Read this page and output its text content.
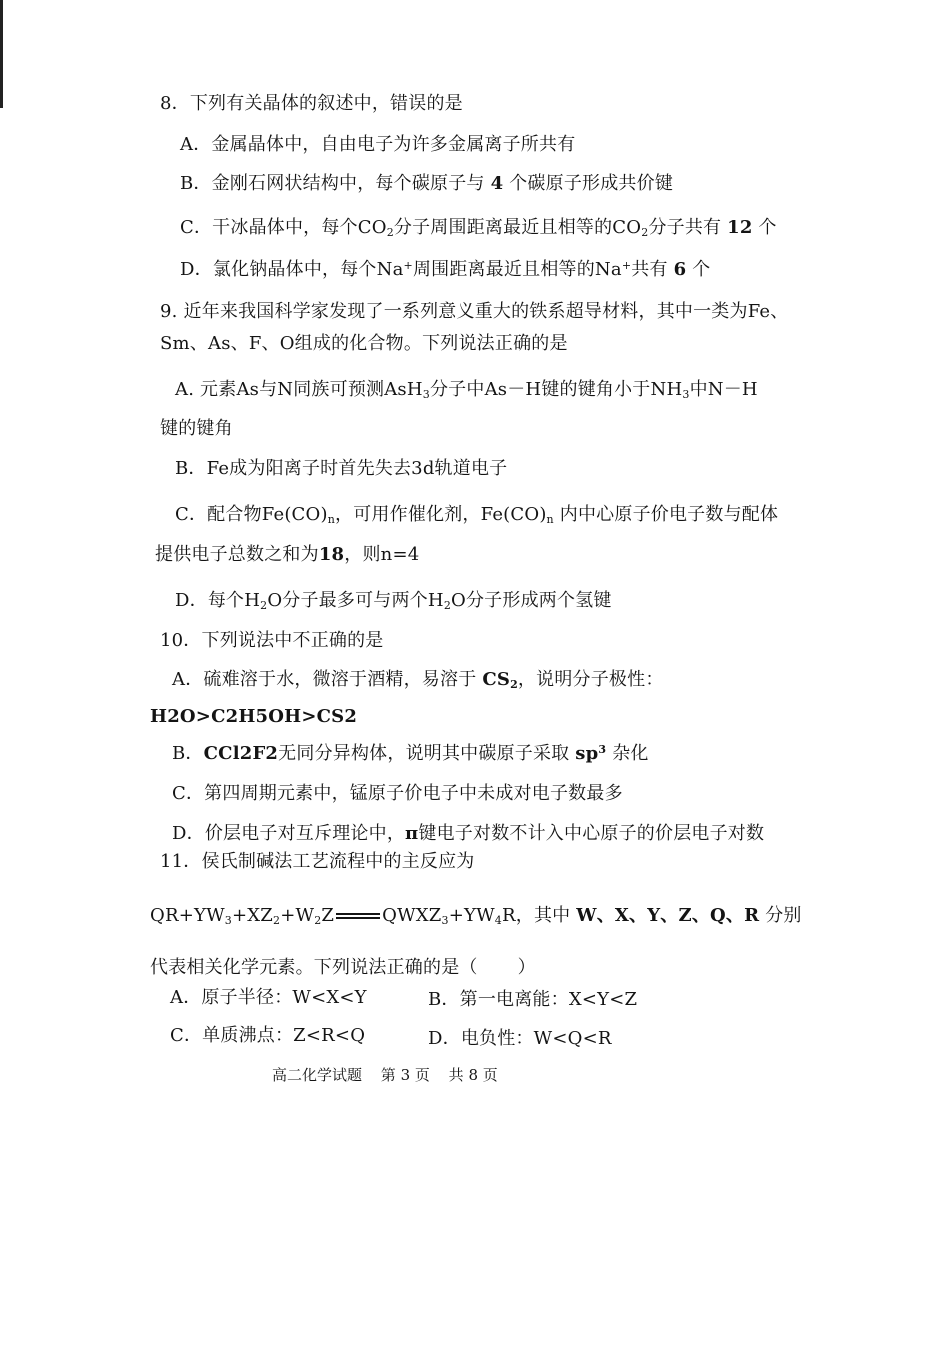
8．下列有关晶体的叙述中，错误的是
A．金属晶体中，自由电子为许多金属离子所共有
B．金刚石网状结构中，每个碳原子与 4 个碳原子形成共价键
C．干冰晶体中，每个$CO_2$分子周围距离最近且相等的$CO_2$分子共有 12 个
D．氯化钠晶体中，每个Na+周围距离最近且相等的Na+共有 6 个
9. 近年来我国科学家发现了一系列意义重大的铁系超导材料，其中一类为Fe、
Sm、As、F、O组成的化合物。下列说法正确的是
A. 元素As与N同族可预测AsH$_3$分子中As－H键的键角小于$NH_3$中N－H
键的键角
B．Fe成为阳离子时首先失去3d轨道电子
C．配合物$Fe(CO)_n$，可用作催化剂，$Fe(CO)_n$ 内中心原子价电子数与配体
提供电子总数之和为18，则n=4
D．每个$H_2O$分子最多可与两个$H_2O$分子形成两个氢键
10．下列说法中不正确的是
A．硫难溶于水，微溶于酒精，易溶于 $CS_2$，说明分子极性：
H2O>C2H5OH>CS2
B．CCl2F2无同分异构体，说明其中碳原子采取 $sp^3$ 杂化
C．第四周期元素中，锰原子价电子中未成对电子数最多
D．价层电子对互斥理论中，π键电子对数不计入中心原子的价层电子对数
11．侯氏制碱法工艺流程中的主反应为
$QR+YW_3+XZ_2+W_2Z$	$QWXZ_3+YW_4R$，其中 W、X、Y、Z、Q、R 分别
代表相关化学元素。下列说法正确的是（ ）
A．原子半径：W<X<Y	B．第一电离能：X<Y<Z
C．单质沸点：Z<R<Q	D．电负性：W<Q<R
高二化学试题 第 3 页 共 8 页
